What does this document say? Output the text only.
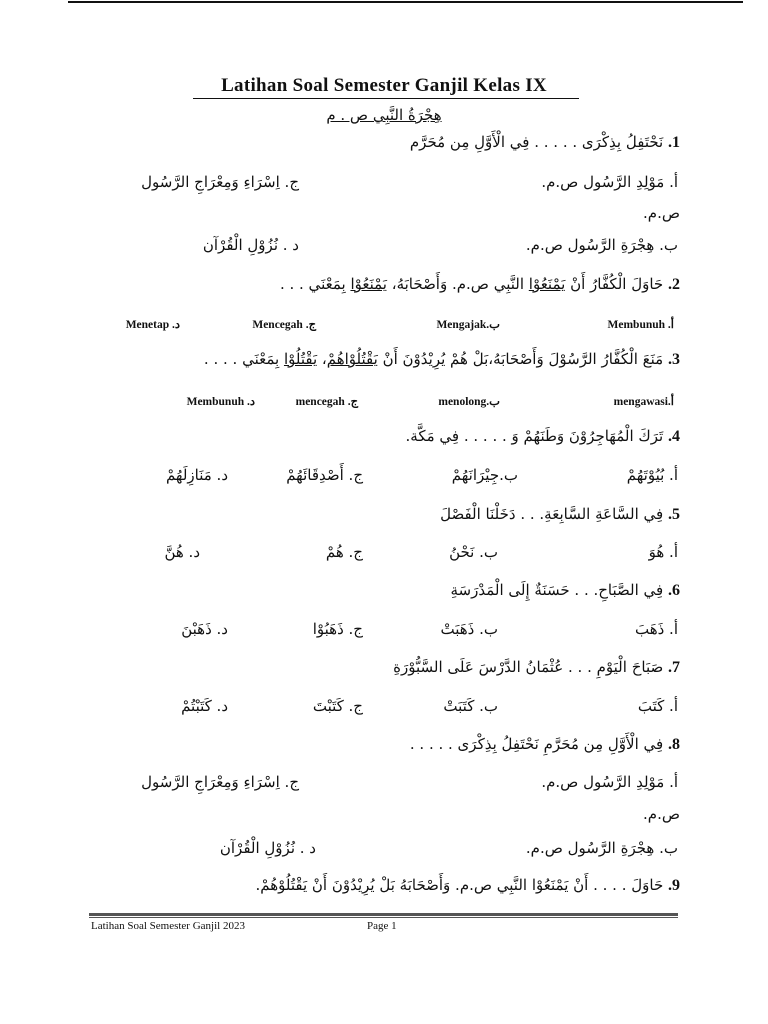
Latihan Soal Semester Ganjil Kelas IX
هِجْرَةُ النَّبِي ص . م
1. نَحْتَفِلُ بِذِكْرَى . . . . . فِي الْأَوَّلِ مِن مُحَرَّم
أ. مَوْلِدِ الرَّسُول ص.م.
ج. اِسْرَاءِ وَمِعْرَاجِ الرَّسُول
ص.م.
ب. هِجْرَةِ الرَّسُول ص.م.
د . نُزُوْلِ الْقُرْآن
2. حَاوَلَ الْكُفَّارُ أَنْ يَمْنَعُوْا النَّبِي ص.م. وَأَصْحَابَهُ، يَمْنَعُوْا بِمَعْنَي . . .
أ. Membunuh
ب.Mengajak
ج. Mencegah
د. Menetap
3. مَنَعَ الْكُفَّارُ الرَّسُوْلَ وَأَصْحَابَهُ،بَلْ هُمْ يُرِيْدُوْنَ أَنْ يَقْتُلُوْاهُمْ، يَقْتُلُوْا بِمَعْنَي . . . .
أ.mengawasi
ب.menolong
ج. mencegah
د. Membunuh
4. تَرَكَ الْمُهَاجِرُوْنَ وَطَنَهُمْ وَ . . . . . فِي مَكَّة.
أ. بُيُوْتَهُمْ
ب.جِيْرَانَهُمْ
ج. أَصْدِقَائَهُمْ
د. مَنَازِلَهُمْ
5. فِي السَّاعَةِ السَّابِعَةِ. . . دَخَلْنَا الْفَصْلَ
أ. هُوَ
ب. نَحْنُ
ج. هُمْ
د. هُنَّ
6. فِي الصَّبَاحِ. . . حَسَنَةٌ إِلَى الْمَدْرَسَةِ
أ. ذَهَبَ
ب. ذَهَبَتْ
ج. ذَهَبُوْا
د. ذَهَبْنَ
7. صَبَاحَ الْيَوْمِ . . . عُثْمَانُ الدَّرْسَ عَلَى السَّبُّوْرَةِ
أ. كَتَبَ
ب. كَتَبَتْ
ج. كَتَبْتَ
د. كَتَبْتُمْ
8. فِي الْأَوَّلِ مِن مُحَرَّمِ نَحْتَفِلُ بِذِكْرَى . . . . .
أ. مَوْلِدِ الرَّسُول ص.م.
ج. اِسْرَاءِ وَمِعْرَاجِ الرَّسُول
ص.م.
ب. هِجْرَةِ الرَّسُول ص.م.
د . نُزُوْلِ الْقُرْآن
9. حَاوَلَ . . . . أَنْ يَمْنَعُوْا النَّبِي ص.م. وَأَصْحَابَهُ بَلْ يُرِيْدُوْنَ أَنْ يَقْتُلُوْهُمْ.
Latihan Soal Semester Ganjil 2023	Page 1
